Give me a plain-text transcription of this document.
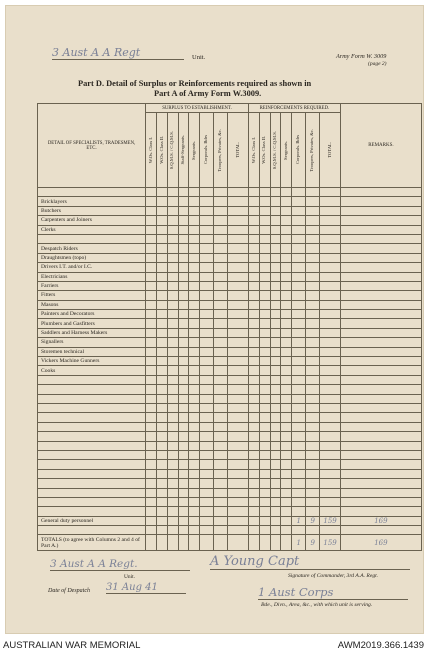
3 Aust A A Regt	Unit.	Army Form W. 3009
(page 2)
Part D. Detail of Surplus or Reinforcements required as shown in
Part A of Army Form W.3009.
DETAIL OF SPECIALISTS, TRADESMEN, ETC.	SURPLUS TO ESTABLISHMENT.								REINFORCEMENTS REQUIRED.							REMARKS.

	W.Os. Class I.	W.Os. Class II.	S.Q.M.S. / C.Q.M.S.	Staff-Sergeants.	Sergeants.	Corporals. Bdrs	Troopers, Privates, &c.	TOTAL.	W.Os. Class I.	W.Os. Class II.	S.Q.M.S. / C.Q.M.S.	Sergeants.	Corporals. Bdrs	Troopers, Privates, &c.	TOTAL.	

Bricklayers																
Butchers																
Carpenters and Joiners																
Clerks																

Despatch Riders																
Draughtsmen (topo)																
Drivers I.T. and/or I.C.																
Electricians																
Farriers																
Fitters																
Masons																
Painters and Decorators																
Plumbers and Gasfitters																
Saddlers and Harness Makers																
Signallers																
Storemen technical																
Vickers Machine Gunners																
Cooks																

General duty personnel													1	9	159	169

TOTALS (to agree with Columns 2 and 4 of Part A.)													1	9	159	169
3 Aust A A Regt.
Unit.
Date of Despatch 31 Aug 41
A Young Capt
Signature of Commander, 3rd A.A. Regt.
1 Aust Corps
Bde., Divn., Area, &c., with which unit is serving.
AUSTRALIAN WAR MEMORIAL	AWM2019.366.1439
